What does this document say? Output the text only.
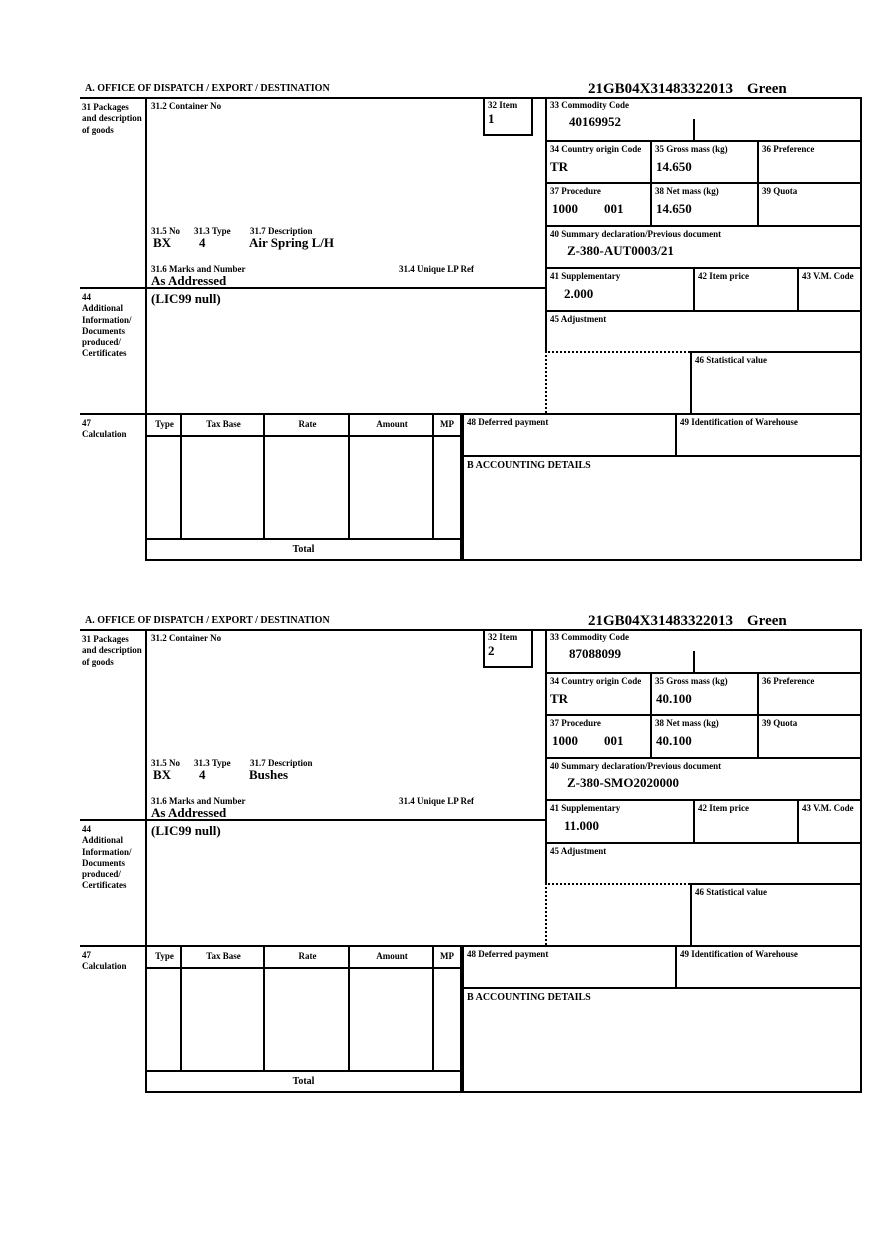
A. OFFICE OF DISPATCH / EXPORT / DESTINATION	21GB04X31483322013 Green
31 Packages and description of goods
44
Additional Information/ Documents produced/ Certificates
47
Calculation
31.2 Container No	32 Item
1
31.5 No 31.3 Type 31.7 Description
BX 4	Air Spring L/H
31.6 Marks and Number	31.4 Unique LP Ref
As Addressed
(LIC99 null)
33 Commodity Code
40169952
34 Country origin Code
TR
35 Gross mass (kg)
14.650
36 Preference
37 Procedure
1000 001
38 Net mass (kg)
14.650
39 Quota
40 Summary declaration/Previous document
Z-380-AUT0003/21
41 Supplementary
2.000
42 Item price	43 V.M. Code
45 Adjustment
46 Statistical value
Type	Tax Base	Rate	Amount	MP
Total
48 Deferred payment	49 Identification of Warehouse
B ACCOUNTING DETAILS
A. OFFICE OF DISPATCH / EXPORT / DESTINATION	21GB04X31483322013 Green
31 Packages and description of goods
44
Additional Information/ Documents produced/ Certificates
47
Calculation
31.2 Container No	32 Item
2
31.5 No 31.3 Type 31.7 Description
BX 4	Bushes
31.6 Marks and Number	31.4 Unique LP Ref
As Addressed
(LIC99 null)
33 Commodity Code
87088099
34 Country origin Code
TR
35 Gross mass (kg)
40.100
36 Preference
37 Procedure
1000 001
38 Net mass (kg)
40.100
39 Quota
40 Summary declaration/Previous document
Z-380-SMO2020000
41 Supplementary
11.000
42 Item price	43 V.M. Code
45 Adjustment
46 Statistical value
Type	Tax Base	Rate	Amount	MP
Total
48 Deferred payment	49 Identification of Warehouse
B ACCOUNTING DETAILS
